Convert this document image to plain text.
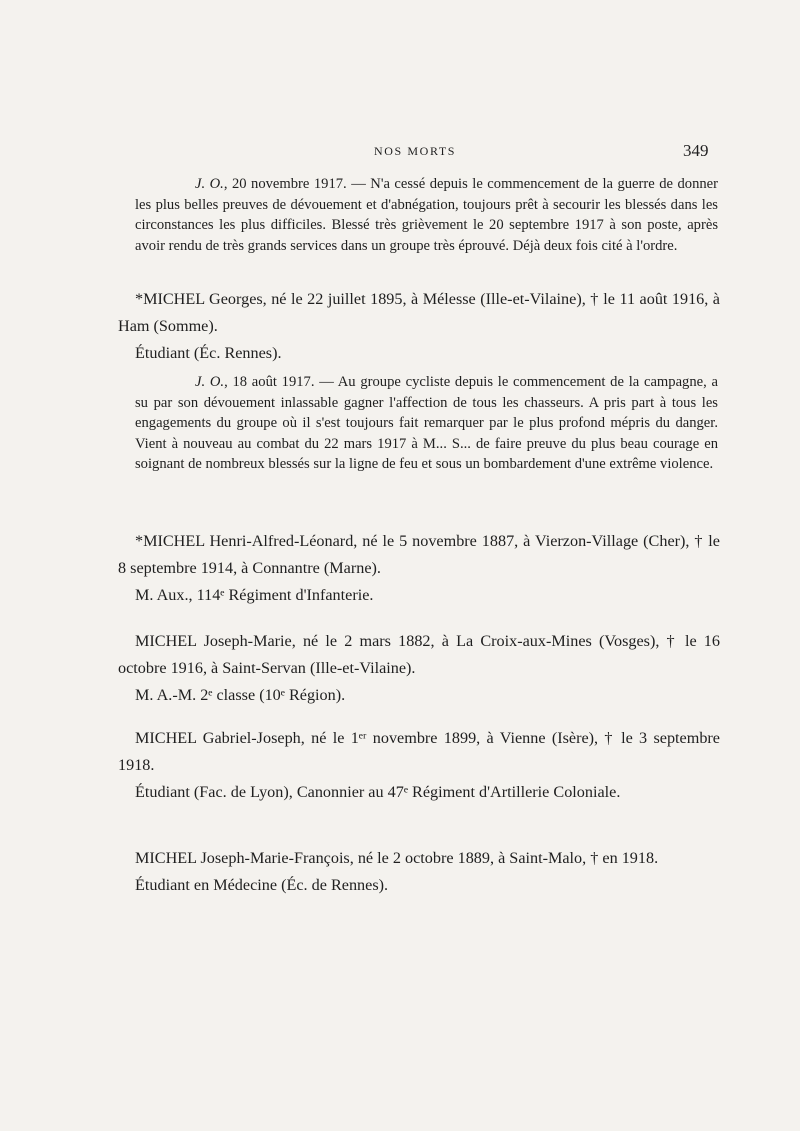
NOS MORTS	349

J. O., 20 novembre 1917. — N'a cessé depuis le commencement de la guerre de donner les plus belles preuves de dévouement et d'abnégation, toujours prêt à secourir les blessés dans les circonstances les plus difficiles. Blessé très grièvement le 20 septembre 1917 à son poste, après avoir rendu de très grands services dans un groupe très éprouvé. Déjà deux fois cité à l'ordre.

*MICHEL Georges, né le 22 juillet 1895, à Mélesse (Ille-et-Vilaine), † le 11 août 1916, à Ham (Somme).

Étudiant (Éc. Rennes).

J. O., 18 août 1917. — Au groupe cycliste depuis le commencement de la campagne, a su par son dévouement inlassable gagner l'affection de tous les chasseurs. A pris part à tous les engagements du groupe où il s'est toujours fait remarquer par le plus profond mépris du danger. Vient à nouveau au combat du 22 mars 1917 à M... S... de faire preuve du plus beau courage en soignant de nombreux blessés sur la ligne de feu et sous un bombardement d'une extrême violence.

*MICHEL Henri-Alfred-Léonard, né le 5 novembre 1887, à Vierzon-Village (Cher), † le 8 septembre 1914, à Connantre (Marne).

M. Aux., 114ᵉ Régiment d'Infanterie.

MICHEL Joseph-Marie, né le 2 mars 1882, à La Croix-aux-Mines (Vosges), † le 16 octobre 1916, à Saint-Servan (Ille-et-Vilaine).

M. A.-M. 2ᵉ classe (10ᵉ Région).

MICHEL Gabriel-Joseph, né le 1ᵉʳ novembre 1899, à Vienne (Isère), † le 3 septembre 1918.

Étudiant (Fac. de Lyon), Canonnier au 47ᵉ Régiment d'Artillerie Coloniale.

MICHEL Joseph-Marie-François, né le 2 octobre 1889, à Saint-Malo, † en 1918.

Étudiant en Médecine (Éc. de Rennes).
